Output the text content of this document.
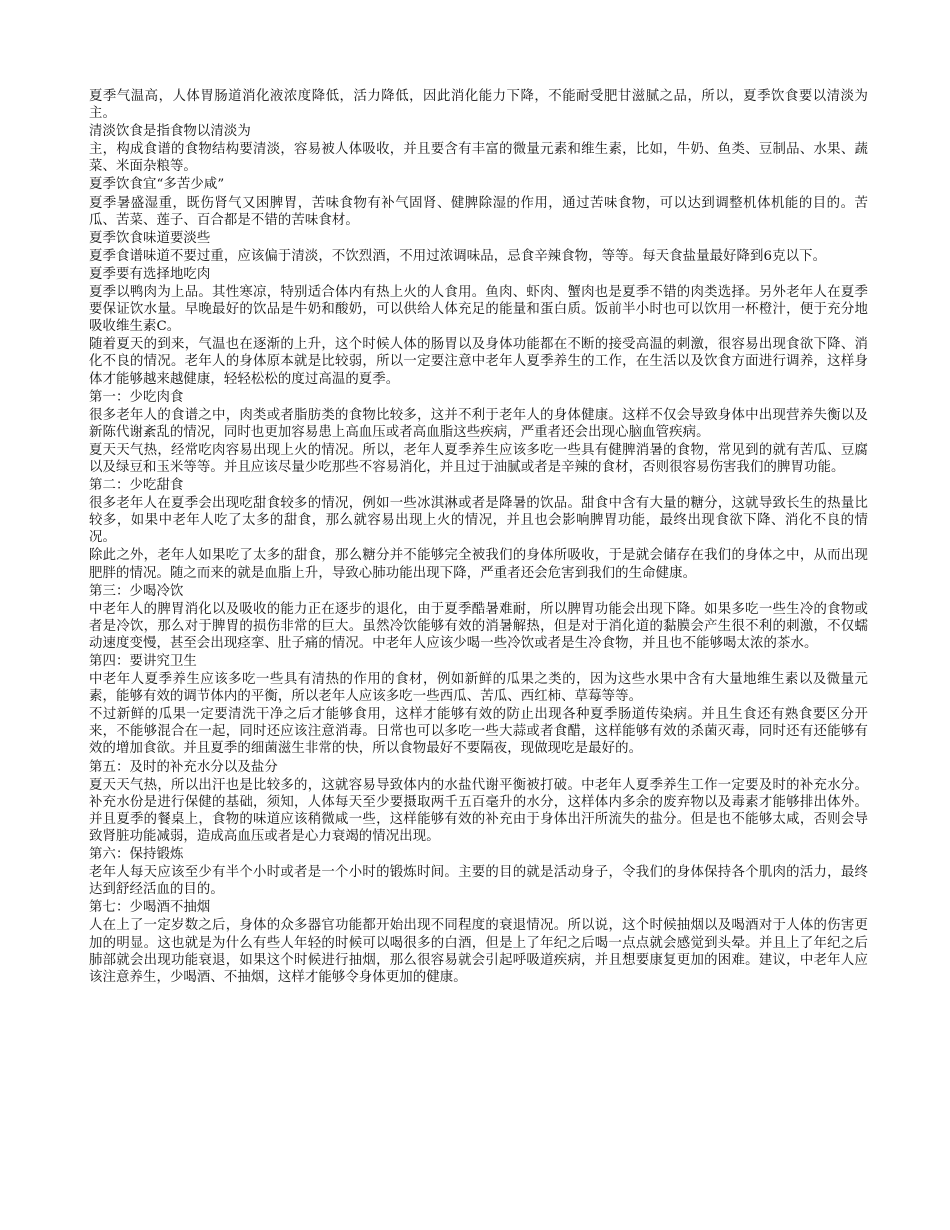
夏季气温高，人体胃肠道消化液浓度降低，活力降低，因此消化能力下降，不能耐受肥甘滋腻之品，所以，夏季饮食要以清淡为主。

清淡饮食是指食物以清淡为

主，构成食谱的食物结构要清淡，容易被人体吸收，并且要含有丰富的微量元素和维生素，比如，牛奶、鱼类、豆制品、水果、蔬菜、米面杂粮等。

夏季饮食宜“多苦少咸”

夏季暑盛湿重，既伤肾气又困脾胃，苦味食物有补气固肾、健脾除湿的作用，通过苦味食物，可以达到调整机体机能的目的。苦瓜、苦菜、莲子、百合都是不错的苦味食材。

夏季饮食味道要淡些

夏季食谱味道不要过重，应该偏于清淡，不饮烈酒，不用过浓调味品，忌食辛辣食物，等等。每天食盐量最好降到6克以下。

夏季要有选择地吃肉

夏季以鸭肉为上品。其性寒凉，特别适合体内有热上火的人食用。鱼肉、虾肉、蟹肉也是夏季不错的肉类选择。另外老年人在夏季要保证饮水量。早晚最好的饮品是牛奶和酸奶，可以供给人体充足的能量和蛋白质。饭前半小时也可以饮用一杯橙汁，便于充分地吸收维生素C。

随着夏天的到来，气温也在逐渐的上升，这个时候人体的肠胃以及身体功能都在不断的接受高温的刺激，很容易出现食欲下降、消化不良的情况。老年人的身体原本就是比较弱，所以一定要注意中老年人夏季养生的工作，在生活以及饮食方面进行调养，这样身体才能够越来越健康，轻轻松松的度过高温的夏季。

第一：少吃肉食

很多老年人的食谱之中，肉类或者脂肪类的食物比较多，这并不利于老年人的身体健康。这样不仅会导致身体中出现营养失衡以及新陈代谢紊乱的情况，同时也更加容易患上高血压或者高血脂这些疾病，严重者还会出现心脑血管疾病。

夏天天气热，经常吃肉容易出现上火的情况。所以，老年人夏季养生应该多吃一些具有健脾消暑的食物，常见到的就有苦瓜、豆腐以及绿豆和玉米等等。并且应该尽量少吃那些不容易消化，并且过于油腻或者是辛辣的食材，否则很容易伤害我们的脾胃功能。

第二：少吃甜食

很多老年人在夏季会出现吃甜食较多的情况，例如一些冰淇淋或者是降暑的饮品。甜食中含有大量的糖分，这就导致长生的热量比较多，如果中老年人吃了太多的甜食，那么就容易出现上火的情况，并且也会影响脾胃功能，最终出现食欲下降、消化不良的情况。

除此之外，老年人如果吃了太多的甜食，那么糖分并不能够完全被我们的身体所吸收，于是就会储存在我们的身体之中，从而出现肥胖的情况。随之而来的就是血脂上升，导致心肺功能出现下降，严重者还会危害到我们的生命健康。

第三：少喝冷饮

中老年人的脾胃消化以及吸收的能力正在逐步的退化，由于夏季酷暑难耐，所以脾胃功能会出现下降。如果多吃一些生冷的食物或者是冷饮，那么对于脾胃的损伤非常的巨大。虽然冷饮能够有效的消暑解热，但是对于消化道的黏膜会产生很不利的刺激，不仅蠕动速度变慢，甚至会出现痉挛、肚子痛的情况。中老年人应该少喝一些冷饮或者是生冷食物，并且也不能够喝太浓的茶水。

第四：要讲究卫生

中老年人夏季养生应该多吃一些具有清热的作用的食材，例如新鲜的瓜果之类的，因为这些水果中含有大量地维生素以及微量元素，能够有效的调节体内的平衡，所以老年人应该多吃一些西瓜、苦瓜、西红柿、草莓等等。

不过新鲜的瓜果一定要清洗干净之后才能够食用，这样才能够有效的防止出现各种夏季肠道传染病。并且生食还有熟食要区分开来，不能够混合在一起，同时还应该注意消毒。日常也可以多吃一些大蒜或者食醋，这样能够有效的杀菌灭毒，同时还有还能够有效的增加食欲。并且夏季的细菌滋生非常的快，所以食物最好不要隔夜，现做现吃是最好的。

第五：及时的补充水分以及盐分

夏天天气热，所以出汗也是比较多的，这就容易导致体内的水盐代谢平衡被打破。中老年人夏季养生工作一定要及时的补充水分。补充水份是进行保健的基础，须知，人体每天至少要摄取两千五百毫升的水分，这样体内多余的废弃物以及毒素才能够排出体外。并且夏季的餐桌上，食物的味道应该稍微咸一些，这样能够有效的补充由于身体出汗所流失的盐分。但是也不能够太咸，否则会导致肾脏功能减弱，造成高血压或者是心力衰竭的情况出现。

第六：保持锻炼

老年人每天应该至少有半个小时或者是一个小时的锻炼时间。主要的目的就是活动身子，令我们的身体保持各个肌肉的活力，最终达到舒经活血的目的。

第七：少喝酒不抽烟

人在上了一定岁数之后，身体的众多器官功能都开始出现不同程度的衰退情况。所以说，这个时候抽烟以及喝酒对于人体的伤害更加的明显。这也就是为什么有些人年轻的时候可以喝很多的白酒，但是上了年纪之后喝一点点就会感觉到头晕。并且上了年纪之后肺部就会出现功能衰退，如果这个时候进行抽烟，那么很容易就会引起呼吸道疾病，并且想要康复更加的困难。建议，中老年人应该注意养生，少喝酒、不抽烟，这样才能够令身体更加的健康。
